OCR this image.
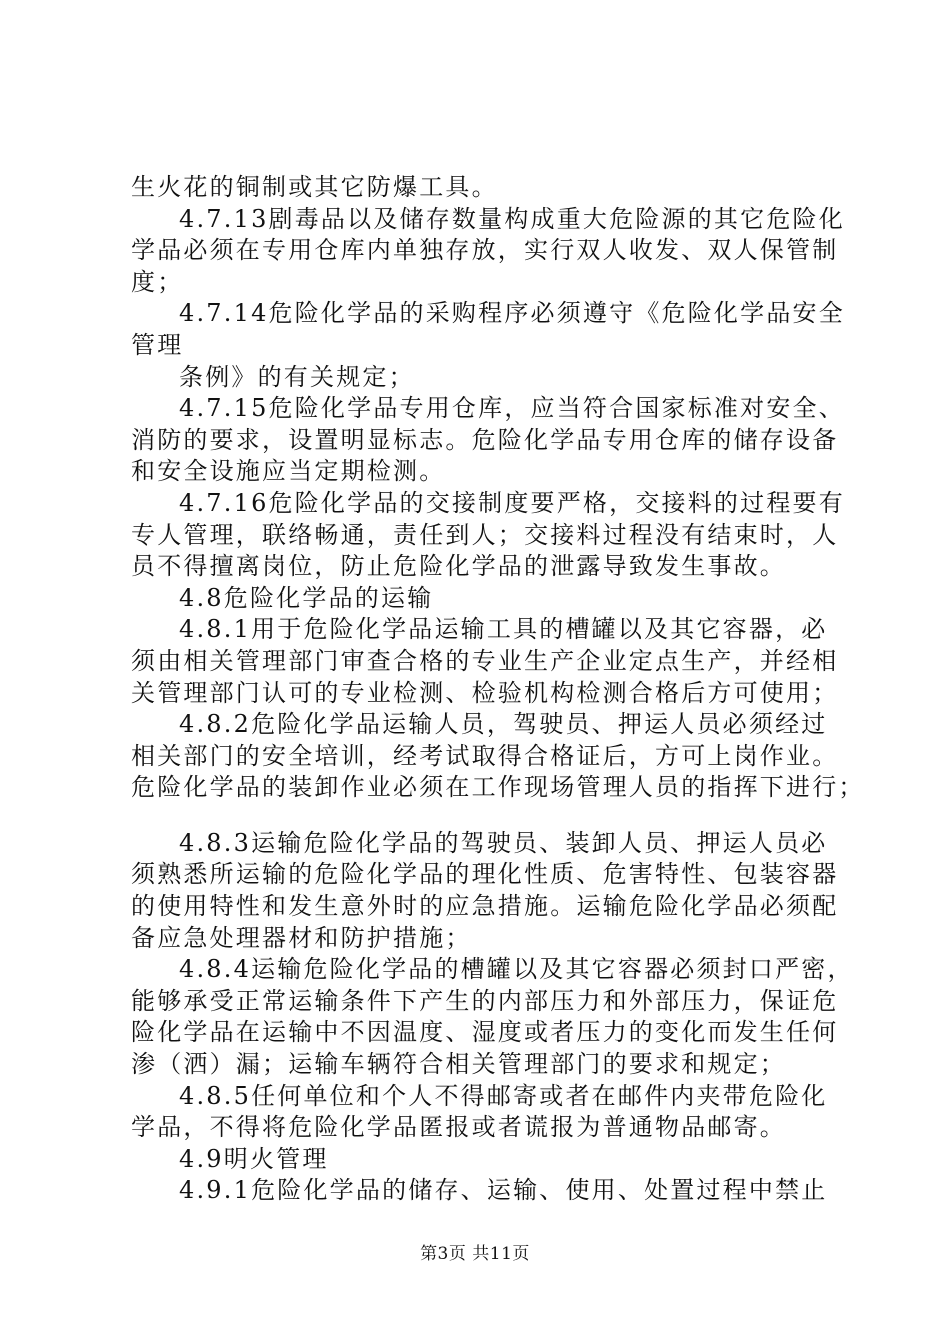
生火花的铜制或其它防爆工具。
4.7.13剧毒品以及储存数量构成重大危险源的其它危险化
学品必须在专用仓库内单独存放，实行双人收发、双人保管制
度；
4.7.14危险化学品的采购程序必须遵守《危险化学品安全
管理
条例》的有关规定；
4.7.15危险化学品专用仓库，应当符合国家标准对安全、
消防的要求，设置明显标志。危险化学品专用仓库的储存设备
和安全设施应当定期检测。
4.7.16危险化学品的交接制度要严格，交接料的过程要有
专人管理，联络畅通，责任到人；交接料过程没有结束时，人
员不得擅离岗位，防止危险化学品的泄露导致发生事故。
4.8危险化学品的运输
4.8.1用于危险化学品运输工具的槽罐以及其它容器，必
须由相关管理部门审查合格的专业生产企业定点生产，并经相
关管理部门认可的专业检测、检验机构检测合格后方可使用；
4.8.2危险化学品运输人员，驾驶员、押运人员必须经过
相关部门的安全培训，经考试取得合格证后，方可上岗作业。
危险化学品的装卸作业必须在工作现场管理人员的指挥下进行；
4.8.3运输危险化学品的驾驶员、装卸人员、押运人员必
须熟悉所运输的危险化学品的理化性质、危害特性、包装容器
的使用特性和发生意外时的应急措施。运输危险化学品必须配
备应急处理器材和防护措施；
4.8.4运输危险化学品的槽罐以及其它容器必须封口严密，
能够承受正常运输条件下产生的内部压力和外部压力，保证危
险化学品在运输中不因温度、湿度或者压力的变化而发生任何
渗（洒）漏；运输车辆符合相关管理部门的要求和规定；
4.8.5任何单位和个人不得邮寄或者在邮件内夹带危险化
学品，不得将危险化学品匿报或者谎报为普通物品邮寄。
4.9明火管理
4.9.1危险化学品的储存、运输、使用、处置过程中禁止
第3页 共11页
